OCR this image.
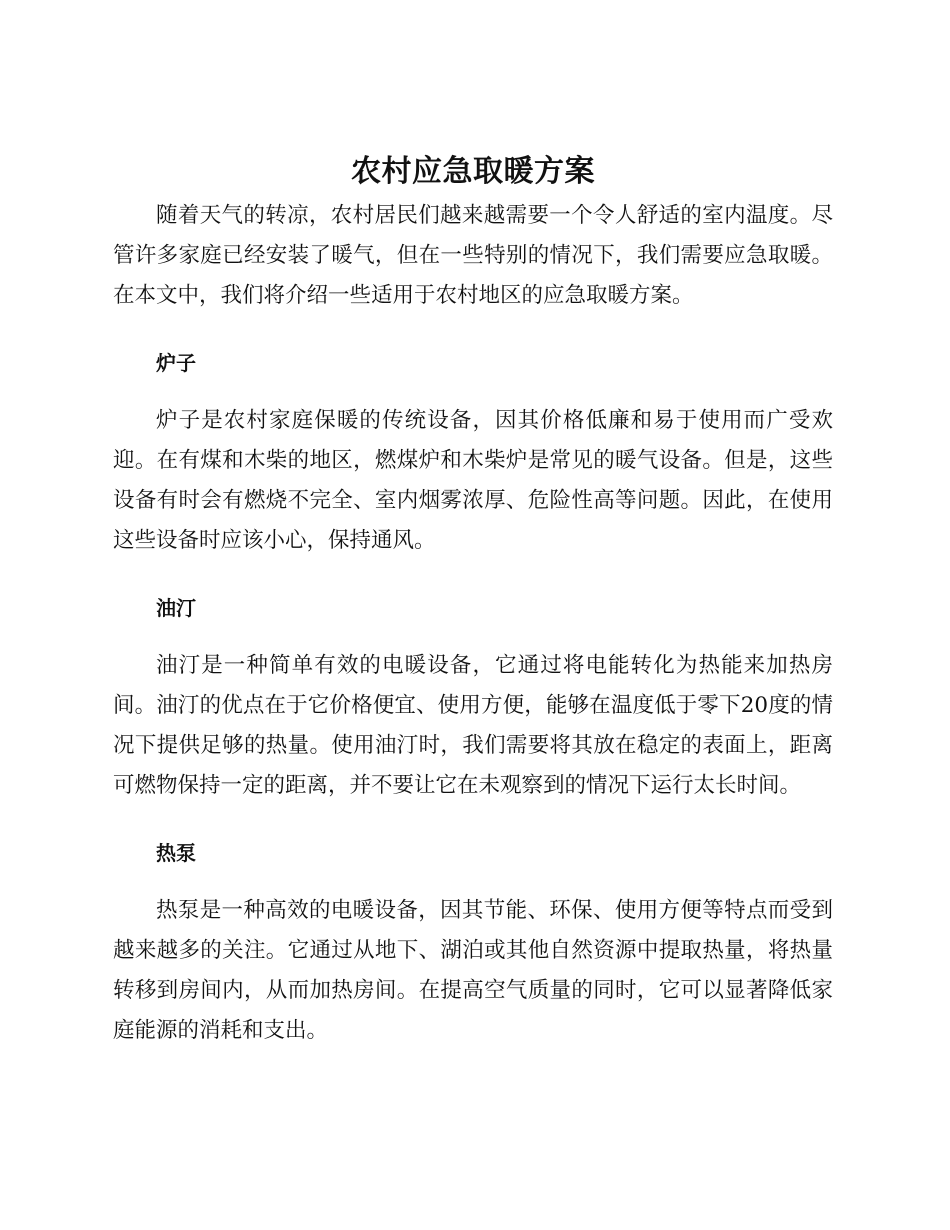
农村应急取暖方案

随着天气的转凉，农村居民们越来越需要一个令人舒适的室内温度。尽管许多家庭已经安装了暖气，但在一些特别的情况下，我们需要应急取暖。在本文中，我们将介绍一些适用于农村地区的应急取暖方案。

炉子

炉子是农村家庭保暖的传统设备，因其价格低廉和易于使用而广受欢迎。在有煤和木柴的地区，燃煤炉和木柴炉是常见的暖气设备。但是，这些设备有时会有燃烧不完全、室内烟雾浓厚、危险性高等问题。因此，在使用这些设备时应该小心，保持通风。

油汀

油汀是一种简单有效的电暖设备，它通过将电能转化为热能来加热房间。油汀的优点在于它价格便宜、使用方便，能够在温度低于零下20度的情况下提供足够的热量。使用油汀时，我们需要将其放在稳定的表面上，距离可燃物保持一定的距离，并不要让它在未观察到的情况下运行太长时间。

热泵

热泵是一种高效的电暖设备，因其节能、环保、使用方便等特点而受到越来越多的关注。它通过从地下、湖泊或其他自然资源中提取热量，将热量转移到房间内，从而加热房间。在提高空气质量的同时，它可以显著降低家庭能源的消耗和支出。
